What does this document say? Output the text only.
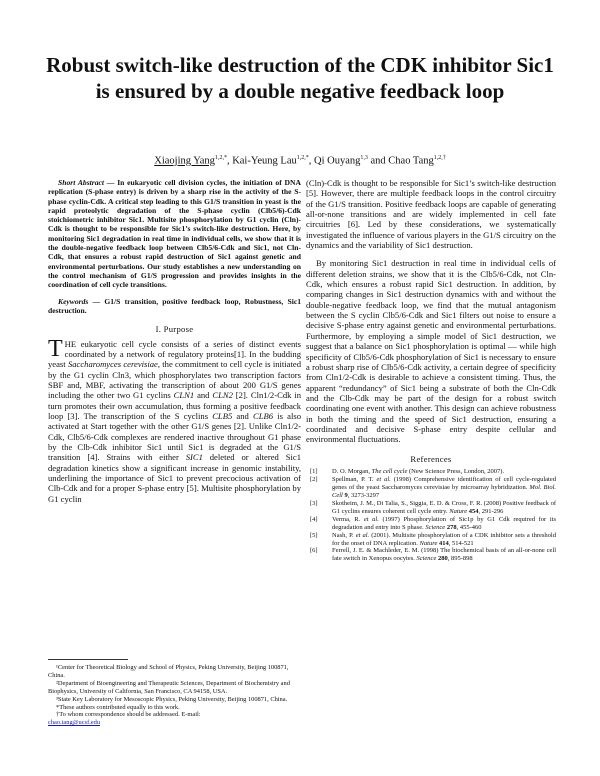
Robust switch-like destruction of the CDK inhibitor Sic1 is ensured by a double negative feedback loop
Xiaojing Yang$^{1,2,*}$, Kai-Yeung Lau$^{1,2,*}$, Qi Ouyang$^{1,3}$ and Chao Tang$^{1,2,\dagger}$

Short Abstract — In eukaryotic cell division cycles, the initiation of DNA replication (S-phase entry) is driven by a sharp rise in the activity of the S-phase cyclin-Cdk. A critical step leading to this G1/S transition in yeast is the rapid proteolytic degradation of the S-phase cyclin (Clb5/6)-Cdk stoichiometric inhibitor Sic1. Multisite phosphorylation by G1 cyclin (Cln)-Cdk is thought to be responsible for Sic1’s switch-like destruction. Here, by monitoring Sic1 degradation in real time in individual cells, we show that it is the double-negative feedback loop between Clb5/6-Cdk and Sic1, not Cln-Cdk, that ensures a robust rapid destruction of Sic1 against genetic and environmental perturbations. Our study establishes a new understanding on the control mechanism of G1/S progression and provides insights in the coordination of cell cycle transitions.

Keywords — G1/S transition, positive feedback loop, Robustness, Sic1 destruction.

I. Purpose

THE eukaryotic cell cycle consists of a series of distinct events coordinated by a network of regulatory proteins[1]. In the budding yeast Saccharomyces cerevisiae, the commitment to cell cycle is initiated by the G1 cyclin Cln3, which phosphorylates two transcription factors SBF and, MBF, activating the transcription of about 200 G1/S genes including the other two G1 cyclins CLN1 and CLN2 [2]. Cln1/2-Cdk in turn promotes their own accumulation, thus forming a positive feedback loop [3]. The transcription of the S cyclins CLB5 and CLB6 is also activated at Start together with the other G1/S genes [2]. Unlike Cln1/2-Cdk, Clb5/6-Cdk complexes are rendered inactive throughout G1 phase by the Clb-Cdk inhibitor Sic1 until Sic1 is degraded at the G1/S transition [4]. Strains with either SIC1 deleted or altered Sic1 degradation kinetics show a significant increase in genomic instability, underlining the importance of Sic1 to prevent precocious activation of Clb-Cdk and for a proper S-phase entry [5]. Multisite phosphorylation by G1 cyclin

¹Center for Theoretical Biology and School of Physics, Peking University, Beijing 100871, China.

²Department of Bioengineering and Therapeutic Sciences, Department of Biochemistry and Biophysics, University of California, San Francisco, CA 94158, USA.

³State Key Laboratory for Mesoscopic Physics, Peking University, Beijing 100871, China.

*These authors contributed equally to this work.

†To whom correspondence should be addressed. E-mail:

chao.tang@ucsf.edu

(Cln)-Cdk is thought to be responsible for Sic1’s switch-like destruction [5]. However, there are multiple feedback loops in the control circuitry of the G1/S transition. Positive feedback loops are capable of generating all-or-none transitions and are widely implemented in cell fate circuitries [6]. Led by these considerations, we systematically investigated the influence of various players in the G1/S circuitry on the dynamics and the variability of Sic1 destruction.

By monitoring Sic1 destruction in real time in individual cells of different deletion strains, we show that it is the Clb5/6-Cdk, not Cln-Cdk, which ensures a robust rapid Sic1 destruction. In addition, by comparing changes in Sic1 destruction dynamics with and without the double-negative feedback loop, we find that the mutual antagonism between the S cyclin Clb5/6-Cdk and Sic1 filters out noise to ensure a decisive S-phase entry against genetic and environmental perturbations. Furthermore, by employing a simple model of Sic1 destruction, we suggest that a balance on Sic1 phosphorylation is optimal — while high specificity of Clb5/6-Cdk phosphorylation of Sic1 is necessary to ensure a robust sharp rise of Clb5/6-Cdk activity, a certain degree of specificity from Cln1/2-Cdk is desirable to achieve a consistent timing. Thus, the apparent “redundancy” of Sic1 being a substrate of both the Cln-Cdk and the Clb-Cdk may be part of the design for a robust switch coordinating one event with another. This design can achieve robustness in both the timing and the speed of Sic1 destruction, ensuring a coordinated and decisive S-phase entry despite cellular and environmental fluctuations.

References
[1]	D. O. Morgan, The cell cycle (New Science Press, London, 2007).
[2]	Spellman, P. T. et al. (1998) Comprehensive identification of cell cycle-regulated genes of the yeast Saccharomyces cerevisiae by microarray hybridization. Mol. Biol. Cell 9, 3273-3297
[3]	Skotheim, J. M., Di Talia, S., Siggia, E. D. & Cross, F. R. (2008) Positive feedback of G1 cyclins ensures coherent cell cycle entry. Nature 454, 291-296
[4]	Verma, R. et al. (1997) Phosphorylation of Sic1p by G1 Cdk required for its degradation and entry into S phase. Science 278, 455-460
[5]	Nash, P. et al. (2001). Multisite phosphorylation of a CDK inhibitor sets a threshold for the onset of DNA replication. Nature 414, 514-521
[6]	Ferrell, J. E. & Machleder, E. M. (1998) The biochemical basis of an all-or-none cell fate switch in Xenopus oocytes. Science 280, 895-898
